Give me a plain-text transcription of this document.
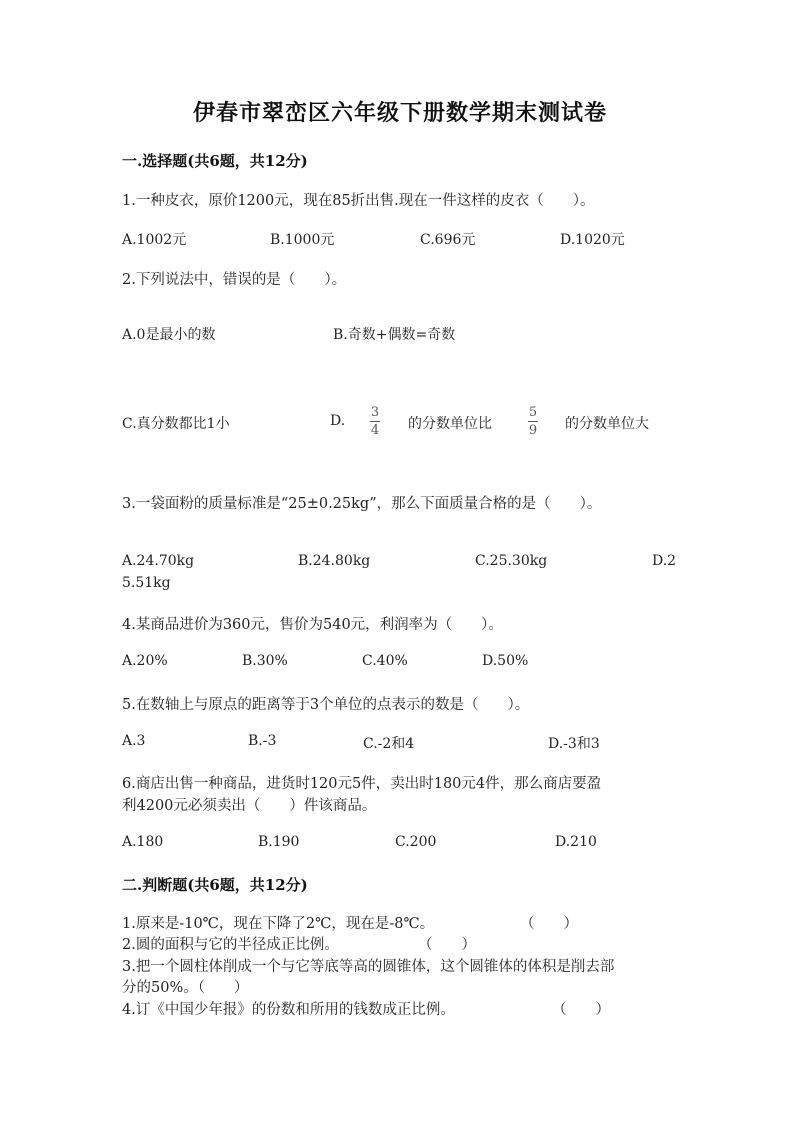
伊春市翠峦区六年级下册数学期末测试卷
一.选择题(共6题，共12分)
1.一种皮衣，原价1200元，现在85折出售.现在一件这样的皮衣（　　）。
A.1002元	B.1000元	C.696元	D.1020元
2.下列说法中，错误的是（　　）。
A.0是最小的数	B.奇数+偶数=奇数
C.真分数都比1小	D.
3
4 的分数单位比
5
9 的分数单位大
3.一袋面粉的质量标准是“25±0.25kg”，那么下面质量合格的是（　　）。
A.24.70kg	B.24.80kg	C.25.30kg	D.2
5.51kg
4.某商品进价为360元，售价为540元，利润率为（　　）。
A.20%	B.30%	C.40%	D.50%
5.在数轴上与原点的距离等于3个单位的点表示的数是（　　）。
A.3	B.-3	C.-2和4	D.-3和3
6.商店出售一种商品，进货时120元5件，卖出时180元4件，那么商店要盈
利4200元必须卖出（　　）件该商品。
A.180	B.190	C.200	D.210
二.判断题(共6题，共12分)
1.原来是-10℃，现在下降了2℃，现在是-8℃。	（　　）
2.圆的面积与它的半径成正比例。	（　　）
3.把一个圆柱体削成一个与它等底等高的圆锥体，这个圆锥体的体积是削去部
分的50%。（　　）
4.订《中国少年报》的份数和所用的钱数成正比例。	（　　）
